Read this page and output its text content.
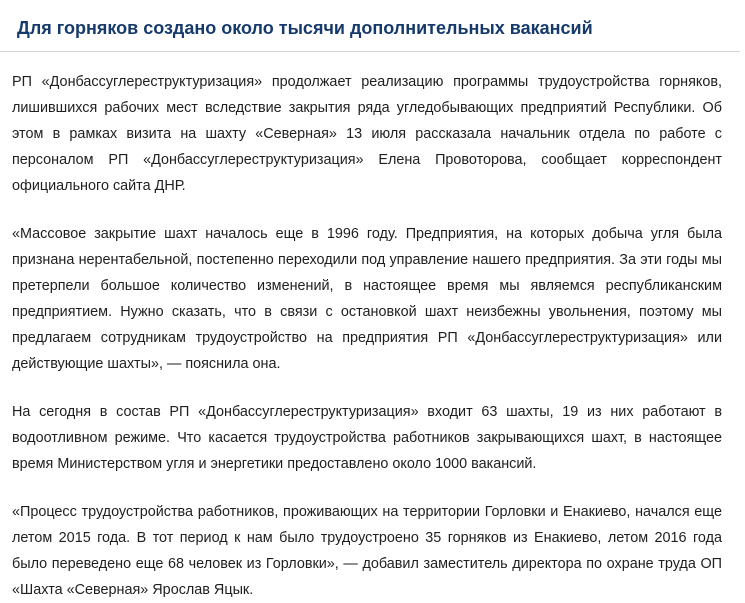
Для горняков создано около тысячи дополнительных вакансий

РП «Донбассуглереструктуризация» продолжает реализацию программы трудоустройства горняков, лишившихся рабочих мест вследствие закрытия ряда угледобывающих предприятий Республики. Об этом в рамках визита на шахту «Северная» 13 июля рассказала начальник отдела по работе с персоналом РП «Донбассуглереструктуризация» Елена Провоторова, сообщает корреспондент официального сайта ДНР.

«Массовое закрытие шахт началось еще в 1996 году. Предприятия, на которых добыча угля была признана нерентабельной, постепенно переходили под управление нашего предприятия. За эти годы мы претерпели большое количество изменений, в настоящее время мы являемся республиканским предприятием. Нужно сказать, что в связи с остановкой шахт неизбежны увольнения, поэтому мы предлагаем сотрудникам трудоустройство на предприятия РП «Донбассуглереструктуризация» или действующие шахты», — пояснила она.

На сегодня в состав РП «Донбассуглереструктуризация» входит 63 шахты, 19 из них работают в водоотливном режиме. Что касается трудоустройства работников закрывающихся шахт, в настоящее время Министерством угля и энергетики предоставлено около 1000 вакансий.

«Процесс трудоустройства работников, проживающих на территории Горловки и Енакиево, начался еще летом 2015 года. В тот период к нам было трудоустроено 35 горняков из Енакиево, летом 2016 года было переведено еще 68 человек из Горловки», — добавил заместитель директора по охране труда ОП «Шахта «Северная» Ярослав Яцык.
